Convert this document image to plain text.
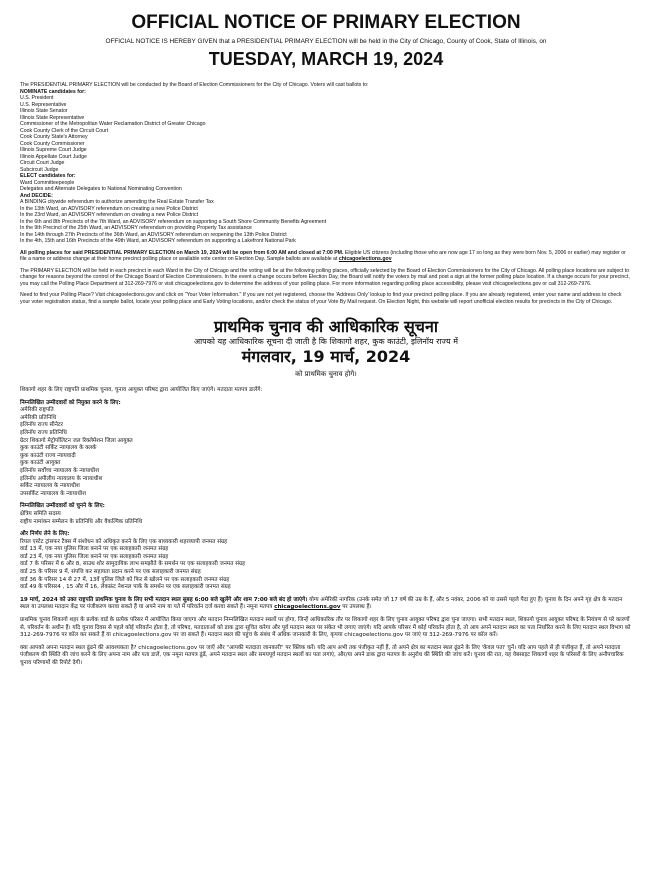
OFFICIAL NOTICE OF PRIMARY ELECTION
OFFICIAL NOTICE IS HEREBY GIVEN that a PRESIDENTIAL PRIMARY ELECTION will be held in the City of Chicago, County of Cook, State of Illinois, on
TUESDAY, MARCH 19, 2024
The PRESIDENTIAL PRIMARY ELECTION will be conducted by the Board of Election Commissioners for the City of Chicago. Voters will cast ballots to:
NOMINATE candidates for:
U.S. President
U.S. Representative
Illinois State Senator
Illinois State Representative
Commissioner of the Metropolitan Water Reclamation District of Greater Chicago
Cook County Clerk of the Circuit Court
Cook County State's Attorney
Cook County Commissioner
Illinois Supreme Court Judge
Illinois Appellate Court Judge
Circuit Court Judge
Subcircuit Judge
ELECT candidates for:
Ward Committeepeople
Delegates and Alternate Delegates to National Nominating Convention
And DECIDE:
A BINDING citywide referendum to authorize amending the Real Estate Transfer Tax
In the 13th Ward, an ADVISORY referendum on creating a new Police District
In the 23rd Ward, an ADVISORY referendum on creating a new Police District
In the 6th and 8th Precincts of the 7th Ward, an ADVISORY referendum on supporting a South Shore Community Benefits Agreement
In the 9th Precinct of the 25th Ward, an ADVISORY referendum on providing Property Tax assistance
In the 14th through 27th Precincts of the 36th Ward, an ADVISORY referendum on reopening the 13th Police District
In the 4th, 15th and 16th Precincts of the 49th Ward, an ADVISORY referendum on supporting a Lakefront National Park
All polling places for said PRESIDENTIAL PRIMARY ELECTION on March 19, 2024 will be open from 6:00 AM and closed at 7:00 PM. Eligible US citizens (including those who are now age 17 so long as they were born Nov. 5, 2006 or earlier) may register or file a name or address change at their home precinct polling place or available vote center on Election Day. Sample ballots are available at chicagoelections.gov
The PRIMARY ELECTION will be held in each precinct in each Ward in the City of Chicago and the voting will be at the following polling places, officially selected by the Board of Election Commissioners for the City of Chicago. All polling place locations are subject to change for reasons beyond the control of the Chicago Board of Election Commissioners. In the event a change occurs before Election Day, the Board will notify the voters by mail and post a sign at the former polling place location. If a change occurs for your precinct, you may call the Polling Place Department at 312-269-7976 or visit chicagoelections.gov to determine the address of your polling place. For more information regarding polling place accessibility, please visit chicagoelections.gov or call 312-269-7976.
Need to find your Polling Place? Visit chicagoelections.gov and click on "Your Voter Information." If you are not yet registered, choose the 'Address Only' lookup to find your precinct polling place. If you are already registered, enter your name and address to check your voter registration status, find a sample ballot, locate your polling place and Early Voting locations, and/or check the status of your Vote By Mail request. On Election Night, this website will report unofficial election results for precincts in the City of Chicago.
प्राथमिक चुनाव की आधिकारिक सूचना
आपको यह आधिकारिक सूचना दी जाती है कि शिकागो शहर, कुक काउंटी, इलिनॉय राज्य में
मंगलवार, 19 मार्च, 2024
को प्राथमिक चुनाव होगे।
शिकागो शहर के लिए राष्ट्रपति प्राथमिक चुनाव, चुनाव आयुक्त परिषद द्वारा आयोजित किए जाएंगे। मतदाता मतपत्र डालेंगे:
निम्नलिखित उम्मीदवारों को नियुक्त करने के लिए:
अमेरिकी राष्ट्रपति
अमेरिकी प्रतिनिधि
इलिनॉय राज्य सीनेटर
इलिनॉय राज्य प्रतिनिधि
ग्रेटर शिकागो मेट्रोपॉलिटन जल रिक्लेमेशन जिला आयुक्त
कुक काउंटी सर्किट न्यायालय के क्लर्क
कुक काउंटी राज्य न्यायवादी
कुक काउंटी आयुक्त
इलिनॉय सर्वोच्च न्यायालय के न्यायाधीश
इलिनॉय अपीलीय न्यायालय के न्यायाधीश
सर्किट न्यायालय के न्यायाधीश
उपसर्किट न्यायालय के न्यायाधीश
निम्नलिखित उम्मीदवारों को चुनने के लिए:
क्षेत्रिय समिति सदस्य
राष्ट्रीय नामांकन सम्मेलन के प्रतिनिधि और वैकल्पिक प्रतिनिधि
और निर्णय लेने के लिए:
रियल एस्टेट ट्रांसफर टैक्स में संशोधन को अधिकृत करने के लिए एक बाध्यकारी शहरव्यापी जनमत संग्रह
वार्ड 13 में, एक नया पुलिस जिला बनाने पर एक सलाहकारी जनमत संग्रह
वार्ड 23 में, एक नया पुलिस जिला बनाने पर एक सलाहकारी जनमत संग्रह
वार्ड 7 के परिसर में 6 और 8, साउथ शोर सामुदायिक लाभ समझौते के समर्थन पर एक सलाहकारी जनमत संग्रह
वार्ड 25 के परिसर 9 में, संपत्ति कर सहायता प्रदान करने पर एक सलाहकारी जनमत संग्रह
वार्ड 36 के परिसर 14 से 27 में, 13वें पुलिस जिले को फिर से खोलने पर एक सलाहकारी जनमत संग्रह
वार्ड 49 के परिसर4 , 15 और में 16, लेकफ्रंट नेशनल पार्क के समर्थन पर एक सलाहकारी जनमत संग्रह
19 मार्च, 2024 को उक्त राष्ट्रपति प्राथमिक चुनाव के लिए सभी मतदान स्थल सुबह 6:00 बजे खुलेंगे और शाम 7:00 बजे बंद हो जाएंगे। योग्य अमेरिकी नागरिक (उनके समेत जो 17 वर्ष की उम्र के हैं, और 5 नवंबर, 2006 को या उससे पहले पैदा हुए हैं) चुनाव के दिन अपने गृह क्षेत्र के मतदान स्थल या उपलब्ध मतदान केंद्र पर पंजीकरण करवा सकते हैं या अपने नाम या पते में परिवर्तन दर्ज करवा सकते हैं। नमूना मतपत्र chicagoelections.gov पर उपलब्ध हैं।
प्राथमिक चुनाव शिकागो शहर के प्रत्येक वार्ड के प्रत्येक परिसर में आयोजित किया जाएगा और मतदान निम्नलिखित मतदान स्थलों पर होगा, जिन्हें आधिकारिक तौर पर शिकागो शहर के लिए चुनाव आयुक्त परिषद द्वारा चुना जाएगा। सभी मतदान स्थल, शिकागो चुनाव आयुक्त परिषद के नियंत्रण से परे कारणों से, परिवर्तन के अधीन हैं। यदि चुनाव दिवस से पहले कोई परिवर्तन होता है, तो परिषद, मतदाताओं को डाक द्वारा सूचित करेगा और पूर्व मतदान स्थल पर संकेत भी लगाए जाएंगे। यदि आपके परिसर में कोई परिवर्तन होता है, तो आप अपने मतदान स्थल का पता निर्धारित करने के लिए मतदान स्थल विभाग को 312-269-7976 पर कॉल कर सकते हैं या chicagoelections.gov पर जा सकते हैं। मतदान स्थल की पहुंच के संबंध में अधिक जानकारी के लिए, कृपया chicagoelections.gov पर जाएं या 312-269-7976 पर कॉल करें।
क्या आपको अपना मतदान स्थल ढूंढने की आवश्यकता है? chicagoelections.gov पर जाएँ और "आपकी मतदाता जानकारी" पर क्लिक करें। यदि आप अभी तक पंजीकृत नहीं हैं, तो अपने क्षेत्र का मतदान स्थल ढूंढने के लिए 'केवल पता' चुनें। यदि आप पहले से ही पंजीकृत हैं, तो अपने मतदाता पंजीकरण की स्थिति की जांच करने के लिए अपना नाम और पता डालें, एक नमूना मतपत्र ढूंढें, अपने मतदान स्थल और समयपूर्व मतदान स्थलों का पता लगाएं, और/या अपने डाक द्वारा मतपत्र के अनुरोध की स्थिति की जांच करें। चुनाव की रात, यह वेबसाइट शिकागो शहर के परिसरों के लिए अनौपचारिक चुनाव परिणामों की रिपोर्ट देगी।
